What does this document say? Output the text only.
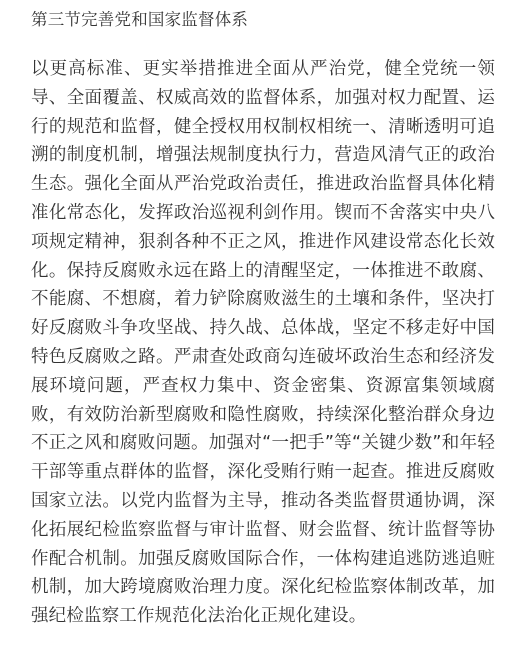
第三节完善党和国家监督体系

以更高标准、更实举措推进全面从严治党，健全党统一领导、全面覆盖、权威高效的监督体系，加强对权力配置、运行的规范和监督，健全授权用权制权相统一、清晰透明可追溯的制度机制，增强法规制度执行力，营造风清气正的政治生态。强化全面从严治党政治责任，推进政治监督具体化精准化常态化，发挥政治巡视利剑作用。锲而不舍落实中央八项规定精神，狠刹各种不正之风，推进作风建设常态化长效化。保持反腐败永远在路上的清醒坚定，一体推进不敢腐、不能腐、不想腐，着力铲除腐败滋生的土壤和条件，坚决打好反腐败斗争攻坚战、持久战、总体战，坚定不移走好中国特色反腐败之路。严肃查处政商勾连破坏政治生态和经济发展环境问题，严查权力集中、资金密集、资源富集领域腐败，有效防治新型腐败和隐性腐败，持续深化整治群众身边不正之风和腐败问题。加强对“一把手”等“关键少数”和年轻干部等重点群体的监督，深化受贿行贿一起查。推进反腐败国家立法。以党内监督为主导，推动各类监督贯通协调，深化拓展纪检监察监督与审计监督、财会监督、统计监督等协作配合机制。加强反腐败国际合作，一体构建追逃防逃追赃机制，加大跨境腐败治理力度。深化纪检监察体制改革，加强纪检监察工作规范化法治化正规化建设。
